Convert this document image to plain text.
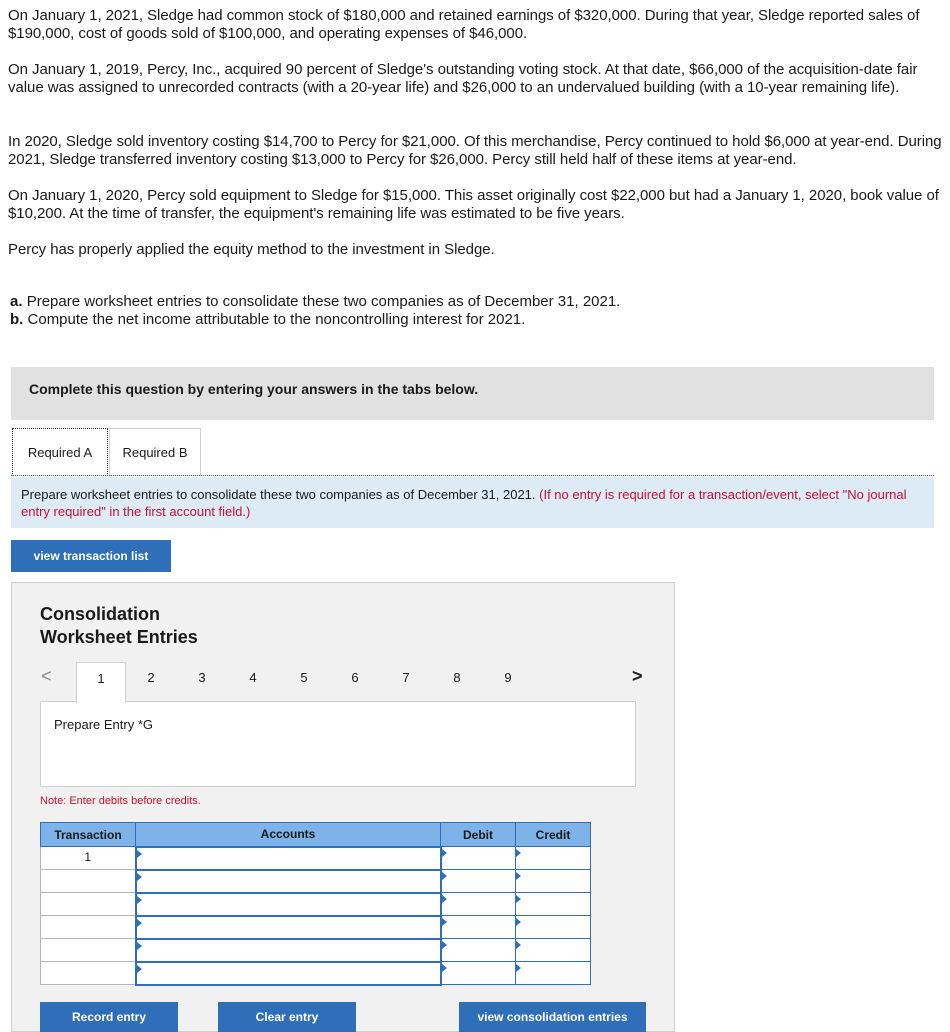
On January 1, 2021, Sledge had common stock of $180,000 and retained earnings of $320,000. During that year, Sledge reported sales of $190,000, cost of goods sold of $100,000, and operating expenses of $46,000.

On January 1, 2019, Percy, Inc., acquired 90 percent of Sledge's outstanding voting stock. At that date, $66,000 of the acquisition-date fair value was assigned to unrecorded contracts (with a 20-year life) and $26,000 to an undervalued building (with a 10-year remaining life).

In 2020, Sledge sold inventory costing $14,700 to Percy for $21,000. Of this merchandise, Percy continued to hold $6,000 at year-end. During 2021, Sledge transferred inventory costing $13,000 to Percy for $26,000. Percy still held half of these items at year-end.

On January 1, 2020, Percy sold equipment to Sledge for $15,000. This asset originally cost $22,000 but had a January 1, 2020, book value of $10,200. At the time of transfer, the equipment's remaining life was estimated to be five years.

Percy has properly applied the equity method to the investment in Sledge.

a. Prepare worksheet entries to consolidate these two companies as of December 31, 2021.
b. Compute the net income attributable to the noncontrolling interest for 2021.
Complete this question by entering your answers in the tabs below.
Required A	Required B
Prepare worksheet entries to consolidate these two companies as of December 31, 2021. (If no entry is required for a transaction/event, select "No journal entry required" in the first account field.)
view transaction list
Consolidation
Worksheet Entries
<	1	2	3	4	5	6	7	8	9	>
Prepare Entry *G
Note: Enter debits before credits.
Transaction	Accounts	Debit	Credit
1			

Record entry	Clear entry	view consolidation entries
